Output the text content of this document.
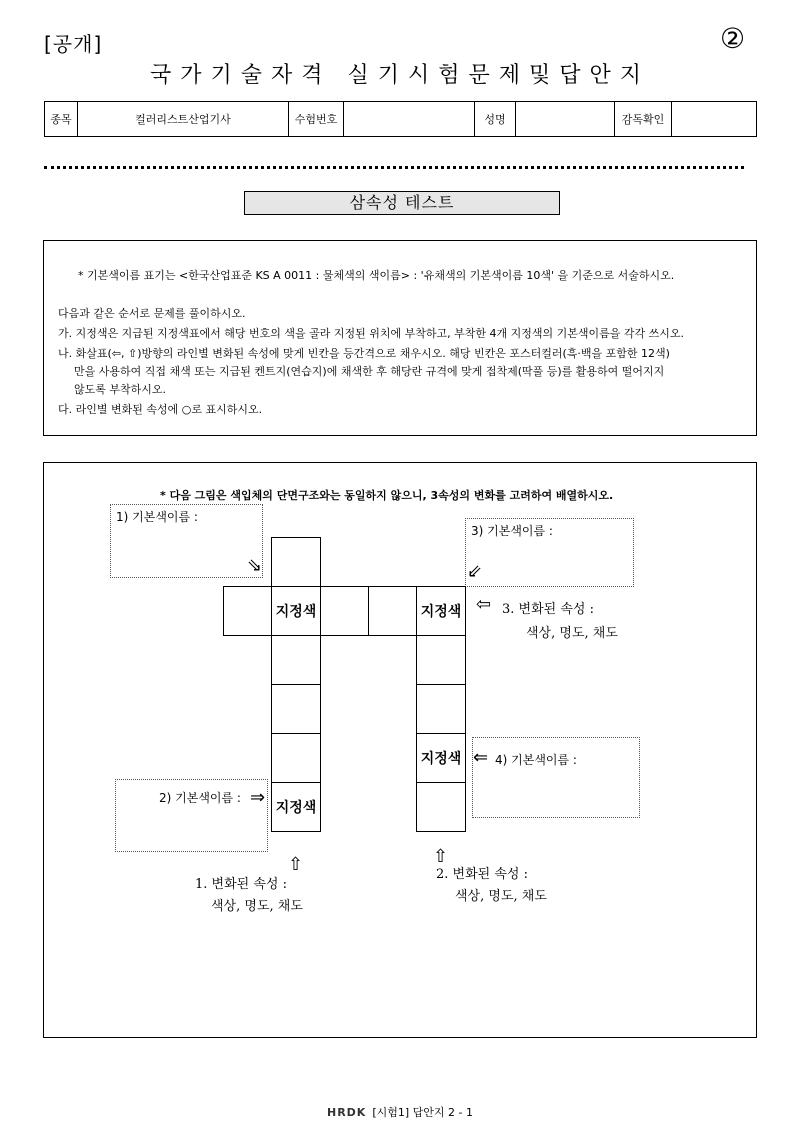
[공개]	②
국가기술자격 실기시험문제및답안지
종목	컬러리스트산업기사	수험번호		성명		감독확인	
삼속성 테스트
* 기본색이름 표기는 <한국산업표준 KS A 0011 : 물체색의 색이름> : '유채색의 기본색이름 10색' 을 기준으로 서술하시오.
다음과 같은 순서로 문제를 풀이하시오.
가. 지정색은 지급된 지정색표에서 해당 번호의 색을 골라 지정된 위치에 부착하고, 부착한 4개 지정색의 기본색이름을 각각 쓰시오.
나. 화살표(⇦, ⇧)방향의 라인별 변화된 속성에 맞게 빈칸을 등간격으로 채우시오. 해당 빈칸은 포스터컬러(흑·백을 포함한 12색)
만을 사용하여 직접 채색 또는 지급된 켄트지(연습지)에 채색한 후 해당란 규격에 맞게 접착제(딱풀 등)를 활용하여 떨어지지
않도록 부착하시오.
다. 라인별 변화된 속성에 ○로 표시하시오.
* 다음 그림은 색입체의 단면구조와는 동일하지 않으니, 3속성의 변화를 고려하여 배열하시오.
1) 기본색이름 :
3) 기본색이름 :
지정색	지정색
지정색
지정색
⇘	⇙
⇦
⇐
⇒
⇧	⇧
4) 기본색이름 :
2) 기본색이름 :
3. 변화된 속성 :
색상, 명도, 채도
1. 변화된 속성 :
색상, 명도, 채도
2. 변화된 속성 :
색상, 명도, 채도
HRDK [시험1] 답안지 2 - 1
